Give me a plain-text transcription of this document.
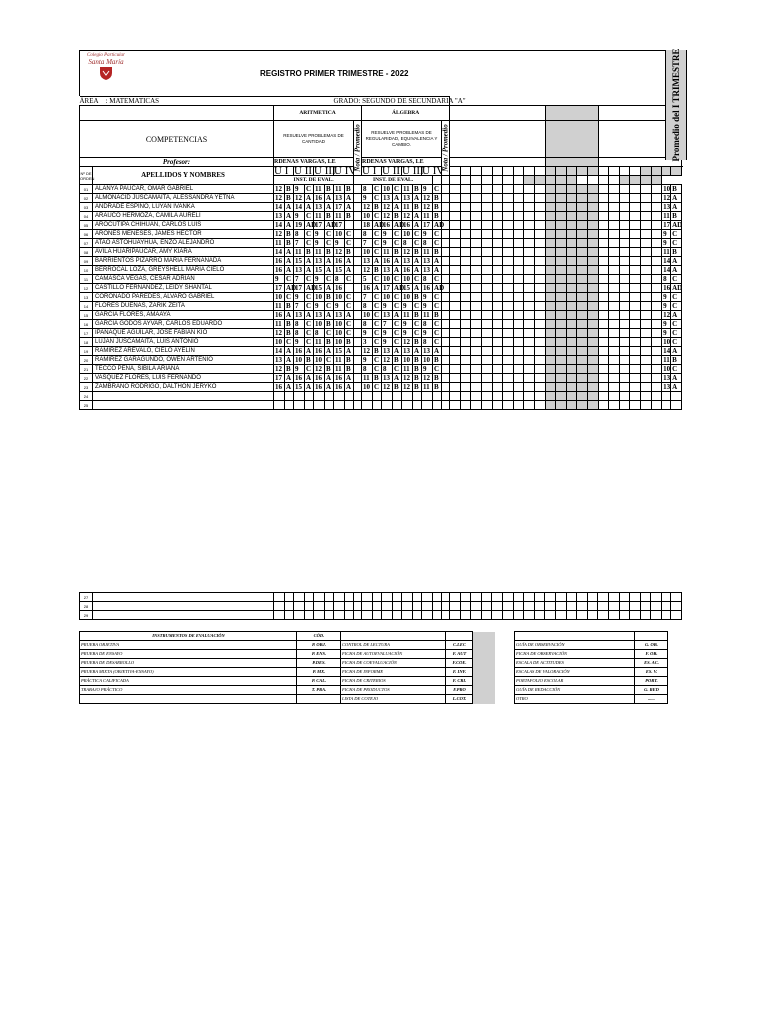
Colegio Particular
Santa María
REGISTRO PRIMER TRIMESTRE - 2022	Promedio del I TRIMESTRE
ÁREA : MATEMATICAS		GRADO: SEGUNDO DE SECUNDARIA "A"																																								
		ARITMETICA									ÁLGEBRA																															
COMPETENCIAS		RESUELVE PROBLEMAS DE CANTIDAD								Nota / Promedio	RESUELVE PROBLEMAS DE REGULARIDAD, EQUIVALENCIA Y CAMBIO.								Nota / Promedio																							

Profesor:		RDENAS VARGAS, LE									RDENAS VARGAS, LE																															
Nº DE ORDEN	APELLIDOS Y NOMBRES	U I		U II		U III		U IV			U I		U II		U III		U IV																									
		INST. DE EVAL.								INST. DE EVAL.																																
01	ALANYA PAUCAR, OMAR GABRIEL	12	B	9	C	11	B	11	B		8	C	10	C	11	B	9	C																						10	B	
02	ALMONACID JUSCAMAITA, ALESSANDRA YETNA	12	B	12	A	16	A	13	A		9	C	13	A	13	A	12	B																						12	A	
03	ANDRADE ESPINO, LUYAN IVANKA	14	A	14	A	13	A	17	A		12	B	12	A	11	B	12	B																						13	A	
04	ARAUCO HERMOZA, CAMILA AURELI	13	A	9	C	11	B	11	B		10	C	12	B	12	A	11	B																						11	B	
05	AROCUTIPA CHIHUAN, CARLOS LUIS	14	A	19	AD	17	AD	17			18	AD	16	AD	16	A	17	AD																						17	AD	
06	ARONES MENESES, JAMES HECTOR	12	B	8	C	9	C	10	C		8	C	9	C	10	C	9	C																						9	C	
07	ATAO ASTOHUAYHUA, ENZO ALEJANDRO	11	B	7	C	9	C	9	C		7	C	9	C	8	C	8	C																						9	C	
08	AVILA HUARIPAUCAR, AMY KIARA	14	A	11	B	11	B	12	B		10	C	11	B	12	B	11	B																						11	B	
09	BARRIENTOS PIZARRO MARIA FERNANADA	16	A	15	A	13	A	16	A		13	A	16	A	13	A	13	A																						14	A	
10	BERROCAL LOZA, GREYSHELL MARIA CIELO	16	A	13	A	15	A	15	A		12	B	13	A	16	A	13	A																						14	A	
11	CAMASCA VEGAS, CESAR ADRIAN	9	C	7	C	9	C	8	C		5	C	10	C	10	C	8	C																						8	C	
12	CASTILLO FERNANDEZ, LEIDY SHANTAL	17	AD	17	AD	15	A	16			16	A	17	AD	15	A	16	AD																						16	AD	
13	CORONADO PAREDES, ALVARO GABRIEL	10	C	9	C	10	B	10	C		7	C	10	C	10	B	9	C																						9	C	
14	FLORES DUEÑAS, ZARIK ZEITA	11	B	7	C	9	C	9	C		8	C	9	C	9	C	9	C																						9	C	
15	GARCIA FLORES, AMAAYA	16	A	13	A	13	A	13	A		10	C	13	A	11	B	11	B																						12	A	
16	GARCIA GODOS AYVAR, CARLOS EDUARDO	11	B	8	C	10	B	10	C		8	C	7	C	9	C	8	C																						9	C	
17	IPANAQUE AGUILAR, JOSE FABIAN KIO	12	B	8	C	8	C	10	C		9	C	9	C	9	C	9	C																						9	C	
18	LUJAN JUSCAMAITA, LUIS ANTONIO	10	C	9	C	11	B	10	B		3	C	9	C	12	B	8	C																						10	C	
19	RAMIREZ AREVALO, CIELO AYELIN	14	A	16	A	16	A	15	A		12	B	13	A	13	A	13	A																						14	A	
20	RAMIREZ GARAGUNDO, OWEN ARTENIO	13	A	10	B	10	C	11	B		9	C	12	B	10	B	10	B																						11	B	
21	TECCO PEÑA, SIBILA ARIANA	12	B	9	C	12	B	11	B		8	C	8	C	11	B	9	C																						10	C	
22	VASQUEZ FLORES, LUIS FERNANDO	17	A	16	A	16	A	16	A		11	B	13	A	12	B	12	B																						13	A	
23	ZAMBRANO RODRIGO, DALTHON JERYKO	16	A	15	A	16	A	16	A		10	C	12	B	12	B	11	B																						13	A	
24																																										
25																																										
27																																									
28																																									
29																																									
INSTRUMENTOS DE EVALUACIÓN	CÓD.							
PRUEBA OBJETIVA	P. OBJ.	CONTROL DE LECTURA	C.LEC			GUÍA DE OBSERVACIÓN	G. OB.	
PRUEBA DE ENSAYO	P. ENS.	FICHA DE AUTOEVALUACIÓN	F. AUT			FICHA DE OBSERVACIÓN	F. OB.	
PRUEBA DE DESARROLLO	P.DES.	FICHA DE COEVALUACIÓN	F.COE.			ESCALA DE ACTITUDES	ES. AC.	
PRUEBA MIXTA (OBJETIVA-ENSAYO)	P. MX.	FICHA DE INFORME	F. INF.			ESCALAS DE VALORACIÓN	ES. V.	
PRÁCTICA CALIFICADA	P. CAL.	FICHA DE CRITERIOS	F. CRI.			PORTAFOLIO ESCOLAR	PORT.	
TRABAJO PRÁCTICO	T. PRA.	FICHA DE PRODUCTOS	F.PRO			GUÍA DE REDACCIÓN	G. RED	
		LISTA DE COTEJO	L.COT.			OTRO	......	
